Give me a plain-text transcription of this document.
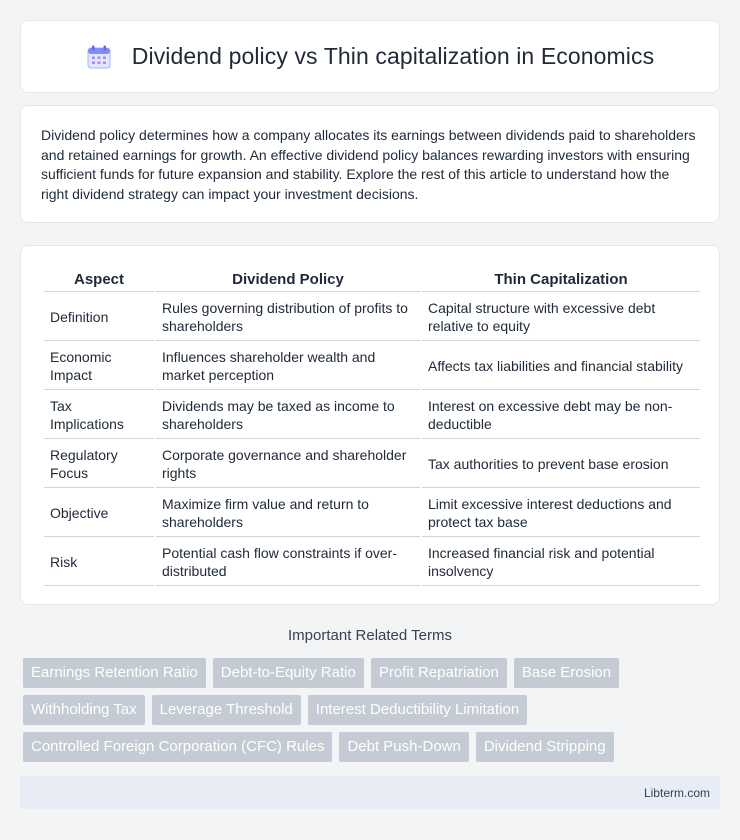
Dividend policy vs Thin capitalization in Economics

Dividend policy determines how a company allocates its earnings between dividends paid to shareholders and retained earnings for growth. An effective dividend policy balances rewarding investors with ensuring sufficient funds for future expansion and stability. Explore the rest of this article to understand how the right dividend strategy can impact your investment decisions.

Aspect	Dividend Policy	Thin Capitalization
Definition	Rules governing distribution of profits to shareholders	Capital structure with excessive debt relative to equity
Economic Impact	Influences shareholder wealth and market perception	Affects tax liabilities and financial stability
Tax Implications	Dividends may be taxed as income to shareholders	Interest on excessive debt may be non-deductible
Regulatory Focus	Corporate governance and shareholder rights	Tax authorities to prevent base erosion
Objective	Maximize firm value and return to shareholders	Limit excessive interest deductions and protect tax base
Risk	Potential cash flow constraints if over-distributed	Increased financial risk and potential insolvency
Important Related Terms
Earnings Retention Ratio	Debt-to-Equity Ratio	Profit Repatriation	Base Erosion
Withholding Tax	Leverage Threshold	Interest Deductibility Limitation
Controlled Foreign Corporation (CFC) Rules	Debt Push-Down	Dividend Stripping
Libterm.com
